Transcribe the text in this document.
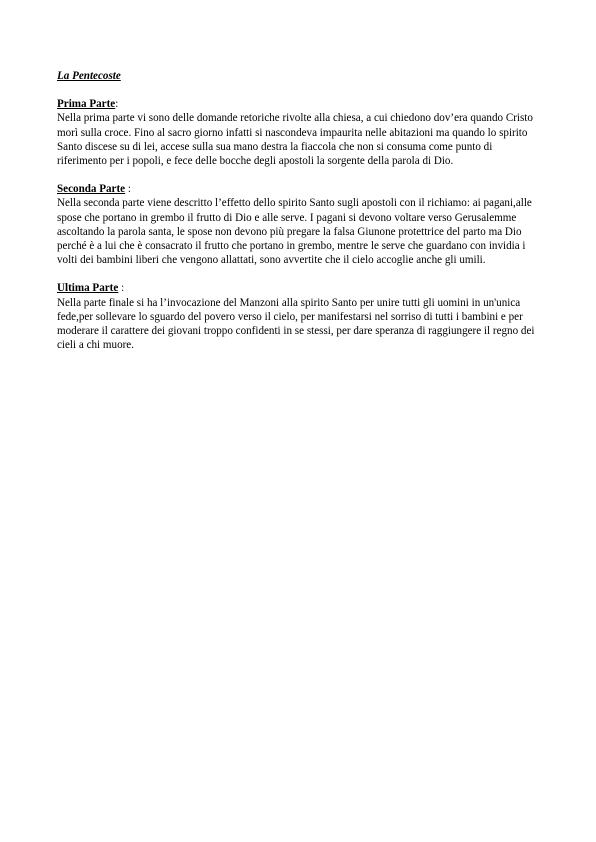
La Pentecoste

Prima Parte:

Nella prima parte vi sono delle domande retoriche rivolte alla chiesa, a cui chiedono dov’era quando Cristo morì sulla croce. Fino al sacro giorno infatti si nascondeva impaurita nelle abitazioni ma quando lo spirito Santo discese su di lei, accese sulla sua mano destra la fiaccola che non si consuma come punto di riferimento per i popoli, e fece delle bocche degli apostoli la sorgente della parola di Dio.

Seconda Parte :

Nella seconda parte viene descritto l’effetto dello spirito Santo sugli apostoli con il richiamo: ai pagani,alle spose che portano in grembo il frutto di Dio e alle serve. I pagani si devono voltare verso Gerusalemme ascoltando la parola santa, le spose non devono più pregare la falsa Giunone protettrice del parto ma Dio perché è a lui che è consacrato il frutto che portano in grembo, mentre le serve che guardano con invidia i volti dei bambini liberi che vengono allattati, sono avvertite che il cielo accoglie anche gli umili.

Ultima Parte :

Nella parte finale si ha l’invocazione del Manzoni alla spirito Santo per unire tutti gli uomini in un'unica fede,per sollevare lo sguardo del povero verso il cielo, per manifestarsi nel sorriso di tutti i bambini e per moderare il carattere dei giovani troppo confidenti in se stessi, per dare speranza di raggiungere il regno dei cieli a chi muore.
